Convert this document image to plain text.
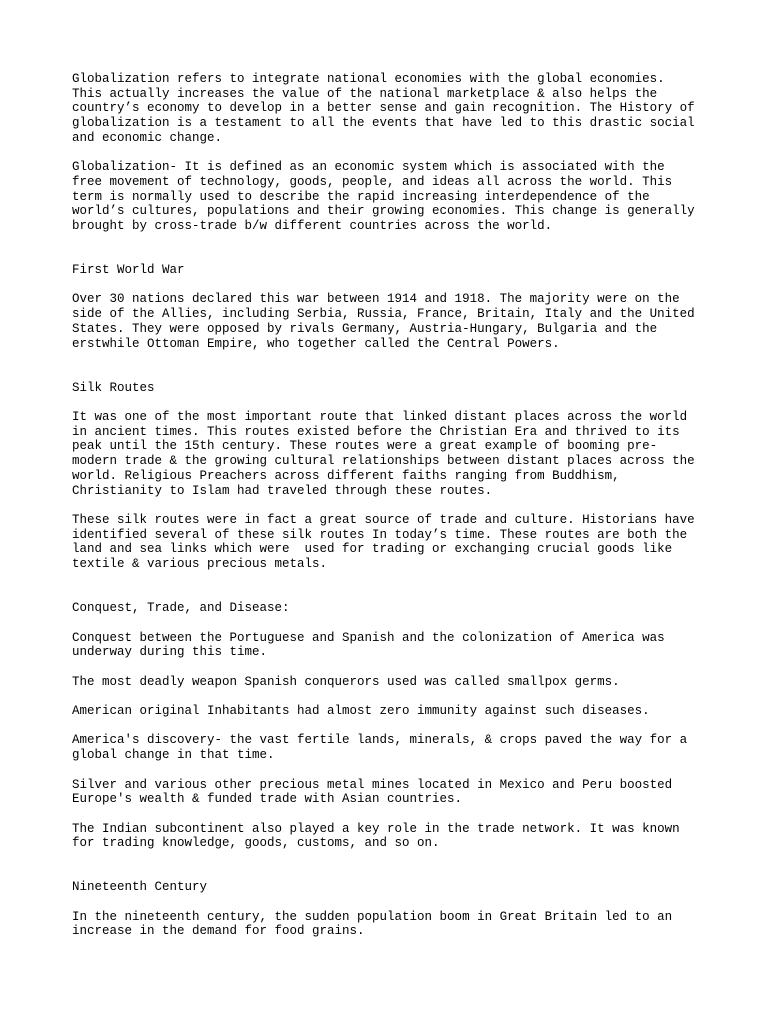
Globalization refers to integrate national economies with the global economies.
This actually increases the value of the national marketplace & also helps the
country’s economy to develop in a better sense and gain recognition. The History of
globalization is a testament to all the events that have led to this drastic social
and economic change.
Globalization- It is defined as an economic system which is associated with the
free movement of technology, goods, people, and ideas all across the world. This
term is normally used to describe the rapid increasing interdependence of the
world’s cultures, populations and their growing economies. This change is generally
brought by cross-trade b/w different countries across the world.
First World War
Over 30 nations declared this war between 1914 and 1918. The majority were on the
side of the Allies, including Serbia, Russia, France, Britain, Italy and the United
States. They were opposed by rivals Germany, Austria-Hungary, Bulgaria and the
erstwhile Ottoman Empire, who together called the Central Powers.
Silk Routes
It was one of the most important route that linked distant places across the world
in ancient times. This routes existed before the Christian Era and thrived to its
peak until the 15th century. These routes were a great example of booming pre-
modern trade & the growing cultural relationships between distant places across the
world. Religious Preachers across different faiths ranging from Buddhism,
Christianity to Islam had traveled through these routes.
These silk routes were in fact a great source of trade and culture. Historians have
identified several of these silk routes In today’s time. These routes are both the
land and sea links which were  used for trading or exchanging crucial goods like
textile & various precious metals.
Conquest, Trade, and Disease:
Conquest between the Portuguese and Spanish and the colonization of America was
underway during this time.
The most deadly weapon Spanish conquerors used was called smallpox germs.
American original Inhabitants had almost zero immunity against such diseases.
America's discovery- the vast fertile lands, minerals, & crops paved the way for a
global change in that time.
Silver and various other precious metal mines located in Mexico and Peru boosted
Europe's wealth & funded trade with Asian countries.
The Indian subcontinent also played a key role in the trade network. It was known
for trading knowledge, goods, customs, and so on.
Nineteenth Century
In the nineteenth century, the sudden population boom in Great Britain led to an
increase in the demand for food grains.
